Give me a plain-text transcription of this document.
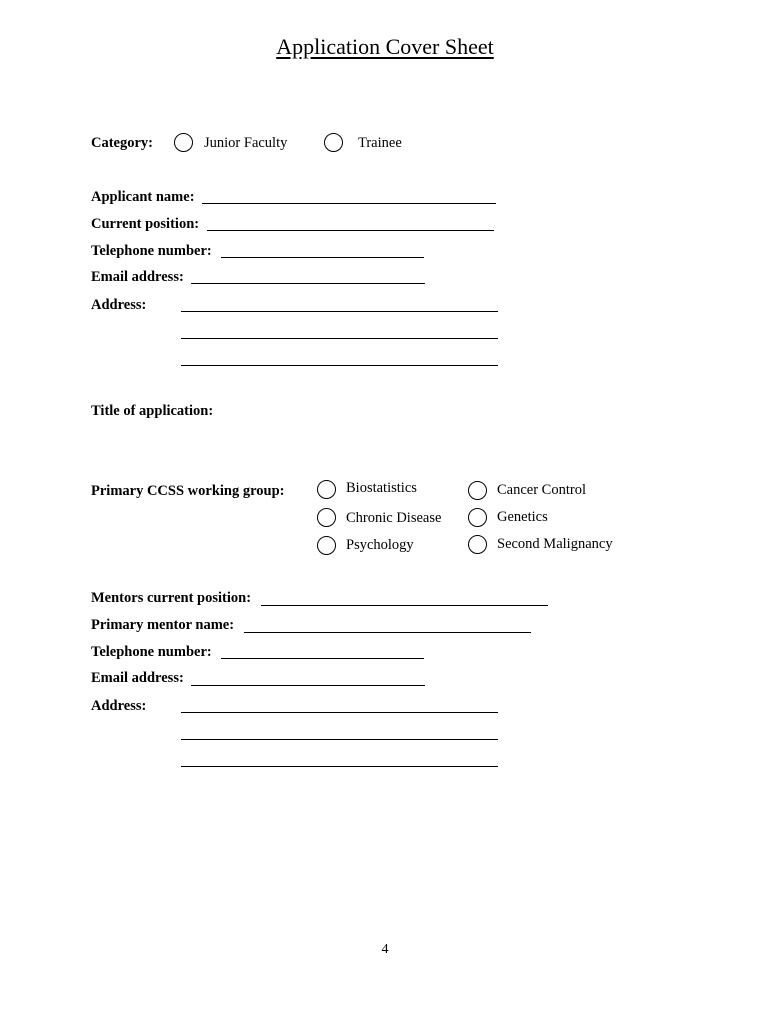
Application Cover Sheet
Category:	Junior Faculty	Trainee
Applicant name:
Current position:
Telephone number:
Email address:
Address:
Title of application:
Primary CCSS working group:	Biostatistics	Cancer Control
Chronic Disease	Genetics
Psychology	Second Malignancy
Mentors current position:
Primary mentor name:
Telephone number:
Email address:
Address:
4
